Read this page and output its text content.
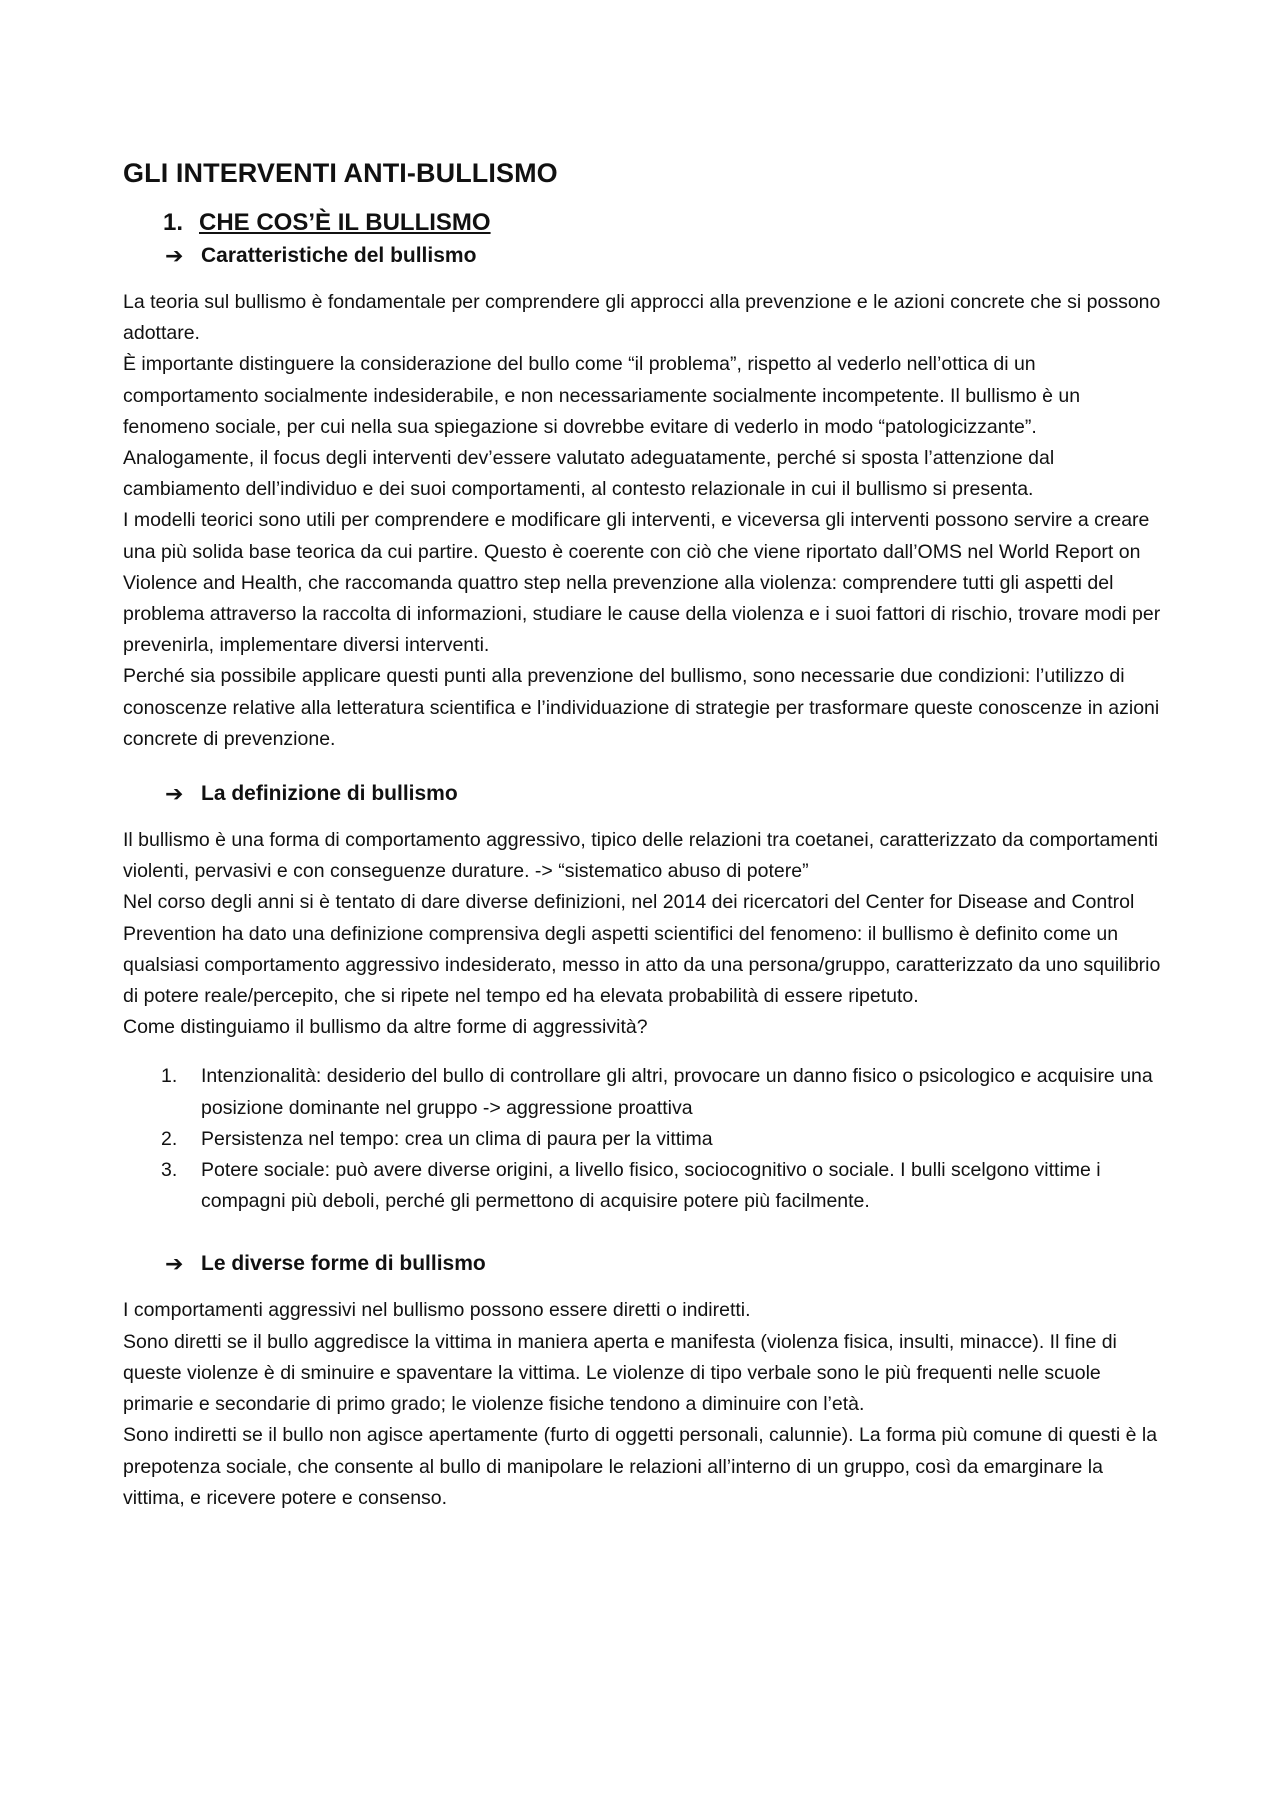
GLI INTERVENTI ANTI-BULLISMO
1. CHE COS’È IL BULLISMO
➔ Caratteristiche del bullismo

La teoria sul bullismo è fondamentale per comprendere gli approcci alla prevenzione e le azioni concrete che si possono adottare.

È importante distinguere la considerazione del bullo come “il problema”, rispetto al vederlo nell’ottica di un comportamento socialmente indesiderabile, e non necessariamente socialmente incompetente. Il bullismo è un fenomeno sociale, per cui nella sua spiegazione si dovrebbe evitare di vederlo in modo “patologicizzante”. Analogamente, il focus degli interventi dev’essere valutato adeguatamente, perché si sposta l’attenzione dal cambiamento dell’individuo e dei suoi comportamenti, al contesto relazionale in cui il bullismo si presenta.

I modelli teorici sono utili per comprendere e modificare gli interventi, e viceversa gli interventi possono servire a creare una più solida base teorica da cui partire. Questo è coerente con ciò che viene riportato dall’OMS nel World Report on Violence and Health, che raccomanda quattro step nella prevenzione alla violenza: comprendere tutti gli aspetti del problema attraverso la raccolta di informazioni, studiare le cause della violenza e i suoi fattori di rischio, trovare modi per prevenirla, implementare diversi interventi.

Perché sia possibile applicare questi punti alla prevenzione del bullismo, sono necessarie due condizioni: l’utilizzo di conoscenze relative alla letteratura scientifica e l’individuazione di strategie per trasformare queste conoscenze in azioni concrete di prevenzione.

➔ La definizione di bullismo

Il bullismo è una forma di comportamento aggressivo, tipico delle relazioni tra coetanei, caratterizzato da comportamenti violenti, pervasivi e con conseguenze durature. -> “sistematico abuso di potere”

Nel corso degli anni si è tentato di dare diverse definizioni, nel 2014 dei ricercatori del Center for Disease and Control Prevention ha dato una definizione comprensiva degli aspetti scientifici del fenomeno: il bullismo è definito come un qualsiasi comportamento aggressivo indesiderato, messo in atto da una persona/gruppo, caratterizzato da uno squilibrio di potere reale/percepito, che si ripete nel tempo ed ha elevata probabilità di essere ripetuto.

Come distinguiamo il bullismo da altre forme di aggressività?

1.	Intenzionalità: desiderio del bullo di controllare gli altri, provocare un danno fisico o psicologico e acquisire una posizione dominante nel gruppo -> aggressione proattiva
2.	Persistenza nel tempo: crea un clima di paura per la vittima
3.	Potere sociale: può avere diverse origini, a livello fisico, sociocognitivo o sociale. I bulli scelgono vittime i compagni più deboli, perché gli permettono di acquisire potere più facilmente.
➔ Le diverse forme di bullismo

I comportamenti aggressivi nel bullismo possono essere diretti o indiretti.

Sono diretti se il bullo aggredisce la vittima in maniera aperta e manifesta (violenza fisica, insulti, minacce). Il fine di queste violenze è di sminuire e spaventare la vittima. Le violenze di tipo verbale sono le più frequenti nelle scuole primarie e secondarie di primo grado; le violenze fisiche tendono a diminuire con l’età.

Sono indiretti se il bullo non agisce apertamente (furto di oggetti personali, calunnie). La forma più comune di questi è la prepotenza sociale, che consente al bullo di manipolare le relazioni all’interno di un gruppo, così da emarginare la vittima, e ricevere potere e consenso.
